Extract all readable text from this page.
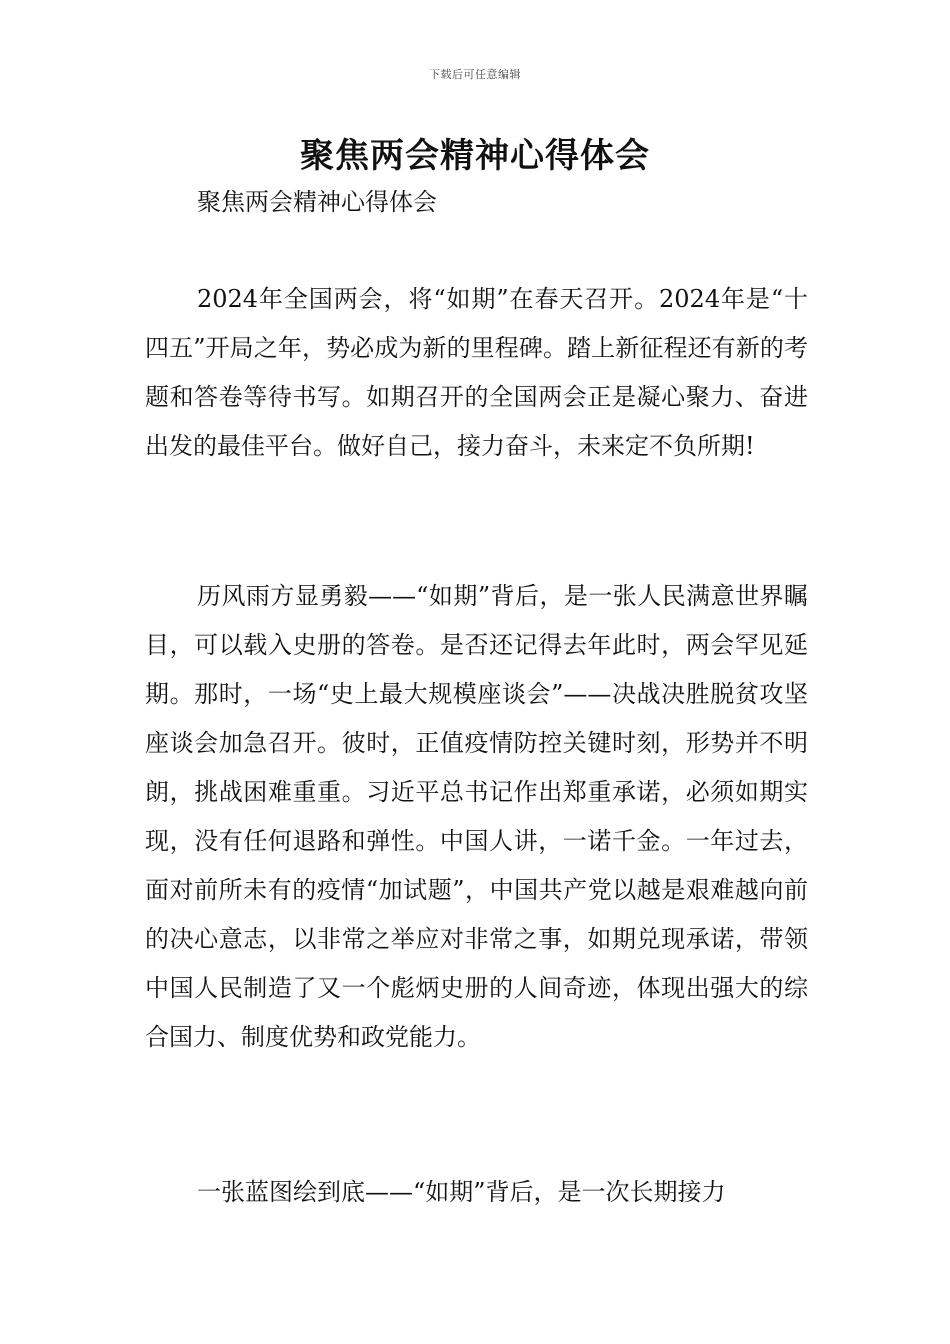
下载后可任意编辑
聚焦两会精神心得体会

聚焦两会精神心得体会

2024年全国两会，将“如期”在春天召开。2024年是“十四五”开局之年，势必成为新的里程碑。踏上新征程还有新的考题和答卷等待书写。如期召开的全国两会正是凝心聚力、奋进出发的最佳平台。做好自己，接力奋斗，未来定不负所期!

历风雨方显勇毅——“如期”背后，是一张人民满意世界瞩目，可以载入史册的答卷。是否还记得去年此时，两会罕见延期。那时，一场“史上最大规模座谈会”——决战决胜脱贫攻坚座谈会加急召开。彼时，正值疫情防控关键时刻，形势并不明朗，挑战困难重重。习近平总书记作出郑重承诺，必须如期实现，没有任何退路和弹性。中国人讲，一诺千金。一年过去，面对前所未有的疫情“加试题”，中国共产党以越是艰难越向前的决心意志，以非常之举应对非常之事，如期兑现承诺，带领中国人民制造了又一个彪炳史册的人间奇迹，体现出强大的综合国力、制度优势和政党能力。

一张蓝图绘到底——“如期”背后，是一次长期接力
